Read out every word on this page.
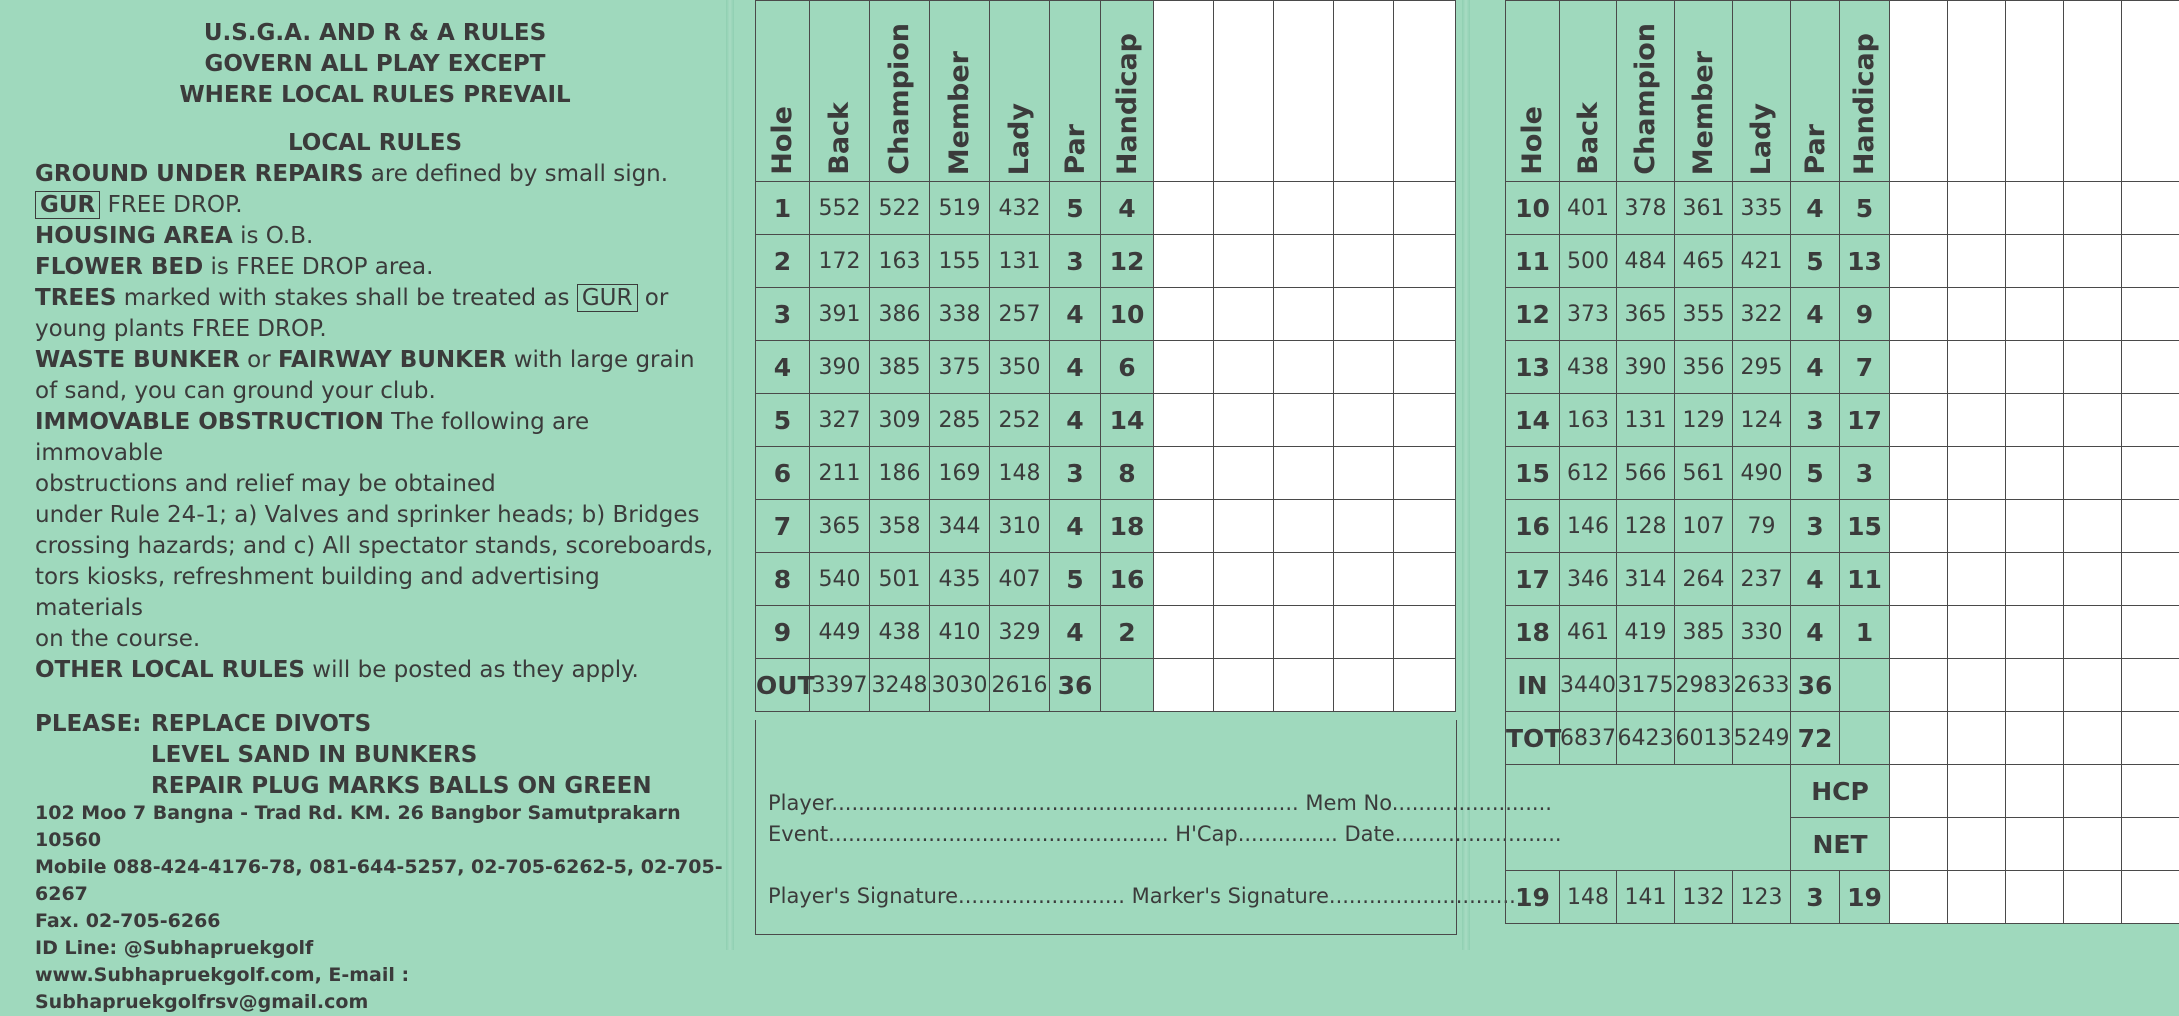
U.S.G.A. AND R & A RULES
GOVERN ALL PLAY EXCEPT
WHERE LOCAL RULES PREVAIL
LOCAL RULES

GROUND UNDER REPAIRS are defined by small sign.

GUR FREE DROP.

HOUSING AREA is O.B.

FLOWER BED is FREE DROP area.

TREES marked with stakes shall be treated as GUR or

young plants FREE DROP.

WASTE BUNKER or FAIRWAY BUNKER with large grain

of sand, you can ground your club.

IMMOVABLE OBSTRUCTION The following are immovable

obstructions and relief may be obtained

under Rule 24-1; a) Valves and sprinker heads; b) Bridges

crossing hazards; and c) All spectator stands, scoreboards,

tors kiosks, refreshment building and advertising materials

on the course.

OTHER LOCAL RULES will be posted as they apply.

PLEASE: REPLACE DIVOTS
LEVEL SAND IN BUNKERS
REPAIR PLUG MARKS BALLS ON GREEN
102 Moo 7 Bangna - Trad Rd. KM. 26 Bangbor Samutprakarn 10560
Mobile 088-424-4176-78, 081-644-5257, 02-705-6262-5, 02-705-6267
Fax. 02-705-6266
ID Line: @Subhapruekgolf
www.Subhapruekgolf.com, E-mail : Subhapruekgolfrsv@gmail.com
Hole	Back	Champion	Member	Lady	Par	Handicap					
1	552	522	519	432	5	4					
2	172	163	155	131	3	12					
3	391	386	338	257	4	10					
4	390	385	375	350	4	6					
5	327	309	285	252	4	14					
6	211	186	169	148	3	8					
7	365	358	344	310	4	18					
8	540	501	435	407	5	16					
9	449	438	410	329	4	2					
OUT	3397	3248	3030	2616	36						
Player...................................................................... Mem No........................
Event................................................... H'Cap............... Date.........................
Player's Signature......................... Marker's Signature............................
Hole	Back	Champion	Member	Lady	Par	Handicap					
10	401	378	361	335	4	5					
11	500	484	465	421	5	13					
12	373	365	355	322	4	9					
13	438	390	356	295	4	7					
14	163	131	129	124	3	17					
15	612	566	561	490	5	3					
16	146	128	107	79	3	15					
17	346	314	264	237	4	11					
18	461	419	385	330	4	1					
IN	3440	3175	2983	2633	36						
TOT	6837	6423	6013	5249	72						
					HCP						
					NET						
19	148	141	132	123	3	19					
